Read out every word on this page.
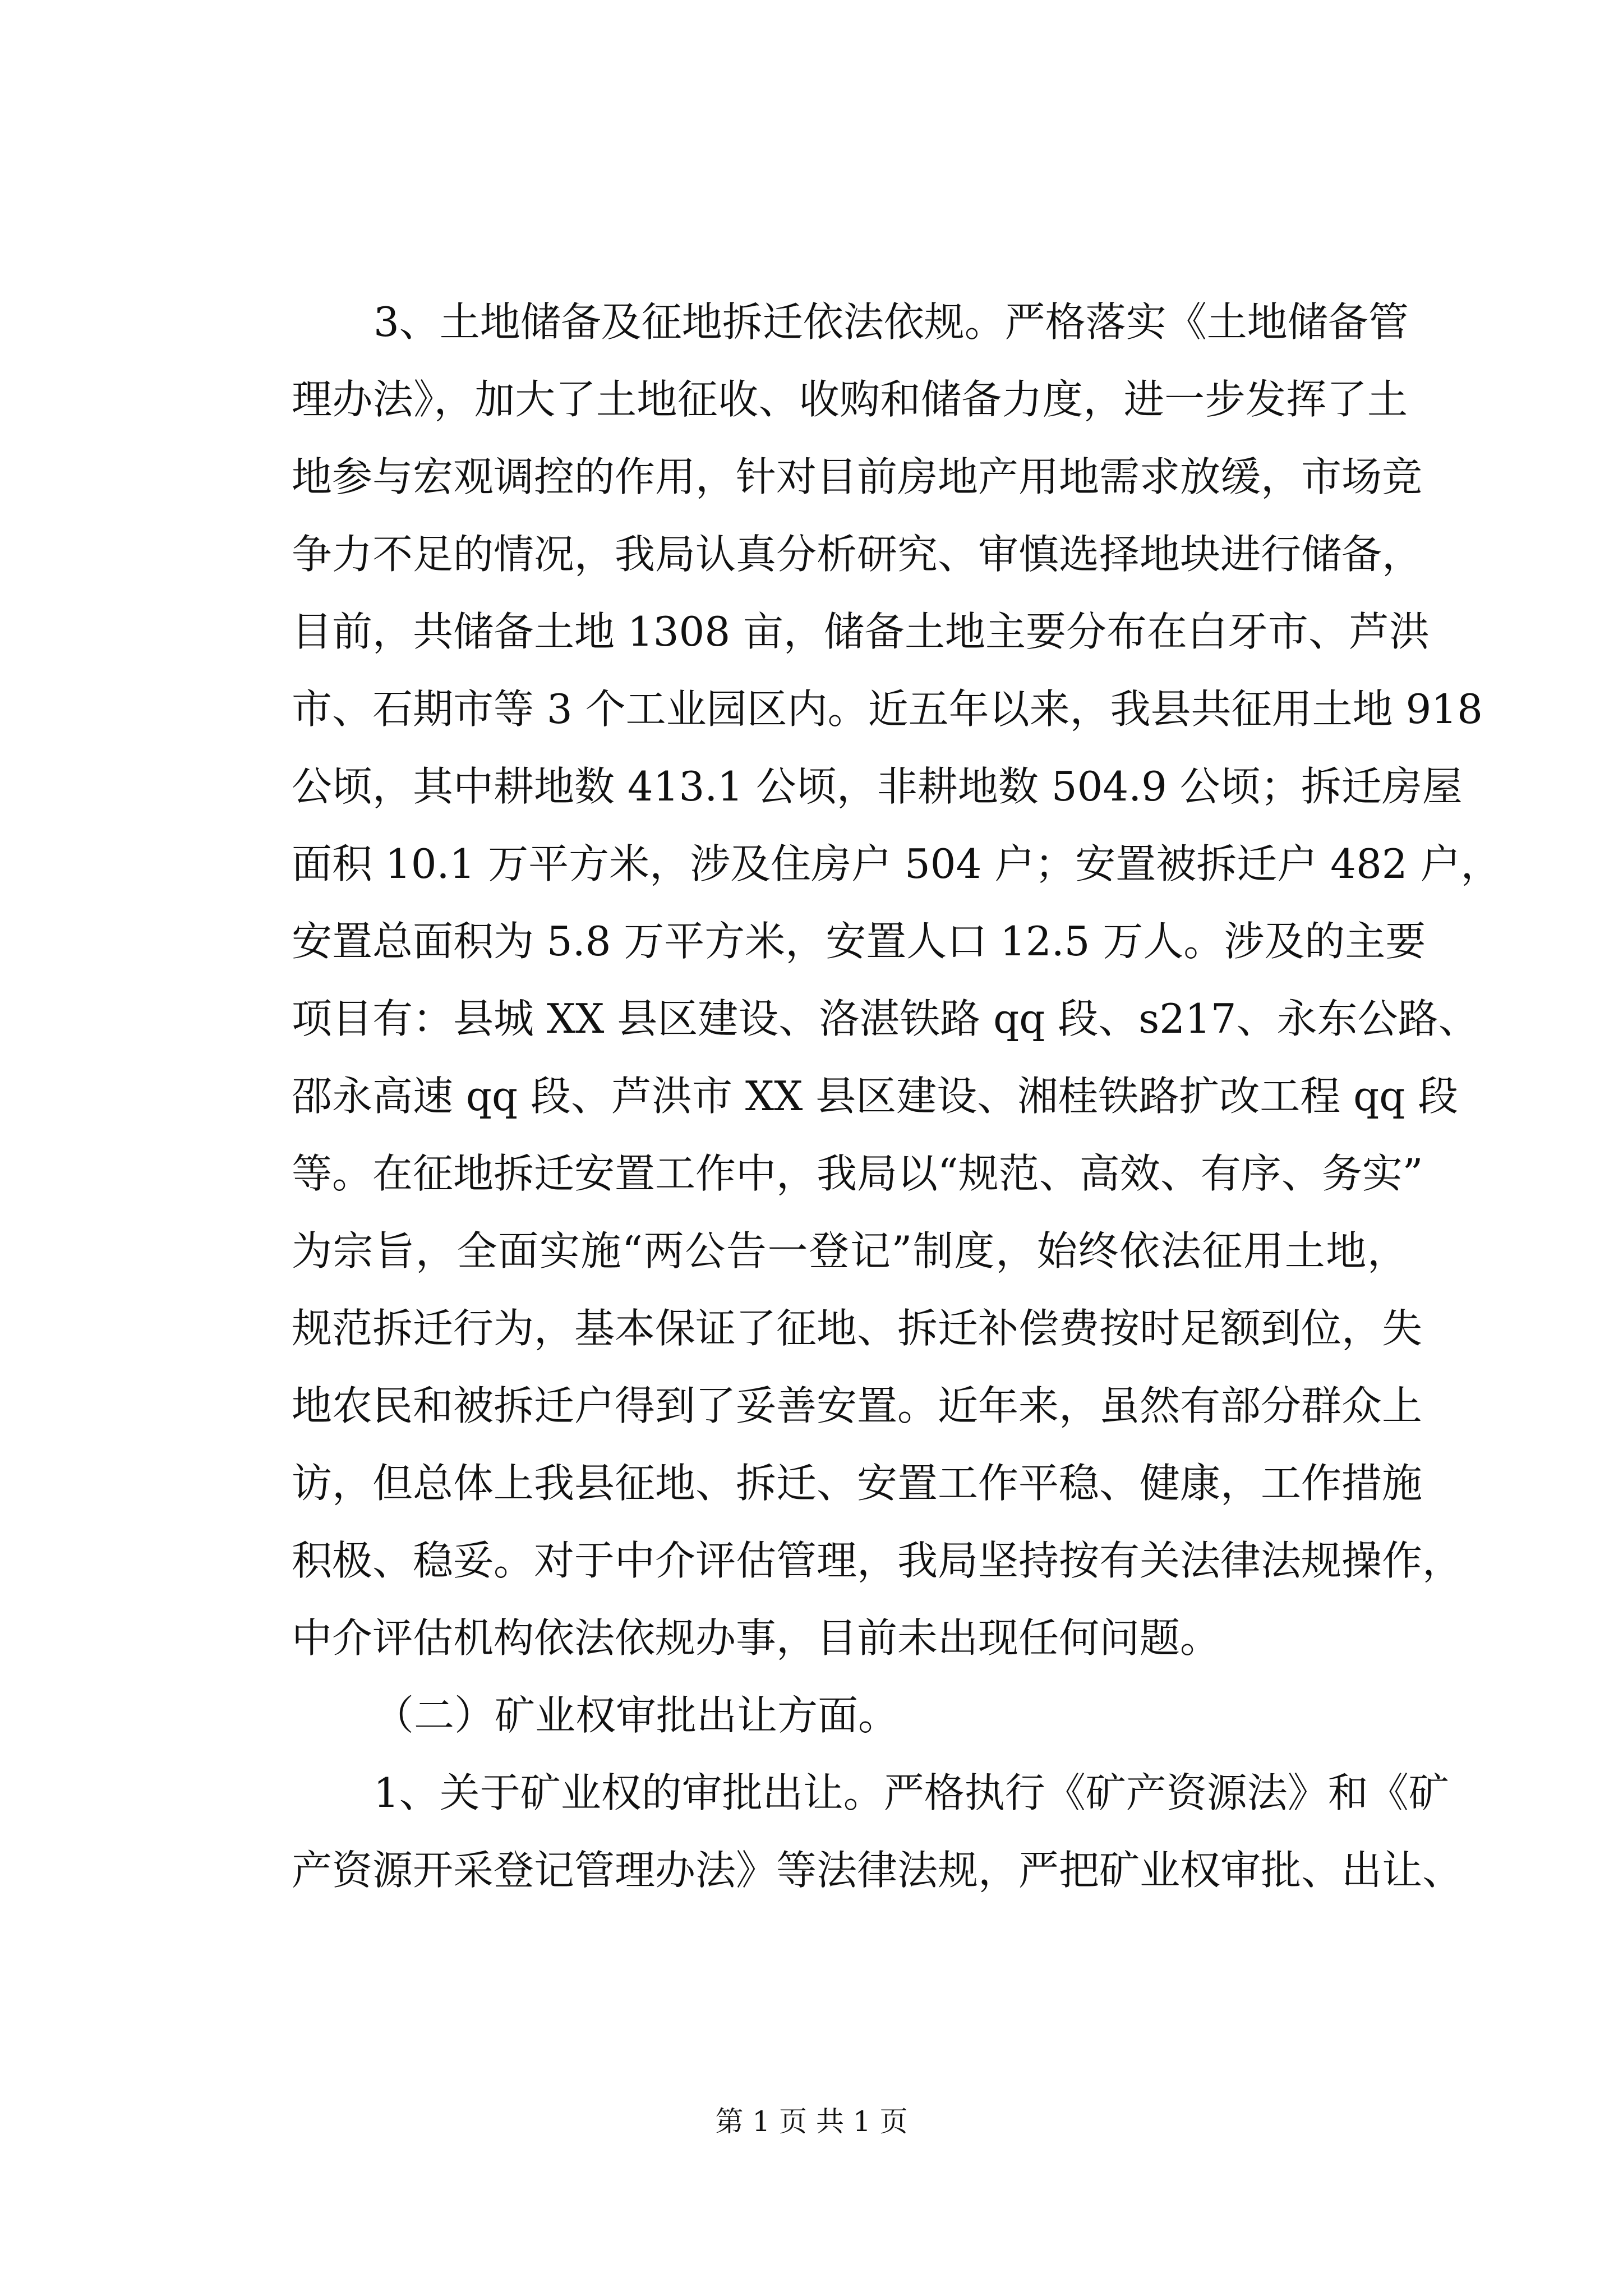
3、土地储备及征地拆迁依法依规。严格落实《土地储备管
理办法》，加大了土地征收、收购和储备力度，进一步发挥了土
地参与宏观调控的作用，针对目前房地产用地需求放缓，市场竞
争力不足的情况，我局认真分析研究、审慎选择地块进行储备，
目前，共储备土地 1308 亩，储备土地主要分布在白牙市、芦洪
市、石期市等 3 个工业园区内。近五年以来，我县共征用土地 918
公顷，其中耕地数 413.1 公顷，非耕地数 504.9 公顷；拆迁房屋
面积 10.1 万平方米，涉及住房户 504 户；安置被拆迁户 482 户，
安置总面积为 5.8 万平方米，安置人口 12.5 万人。涉及的主要
项目有：县城 XX 县区建设、洛湛铁路 qq 段、s217、永东公路、
邵永高速 qq 段、芦洪市 XX 县区建设、湘桂铁路扩改工程 qq 段
等。在征地拆迁安置工作中，我局以“规范、高效、有序、务实”
为宗旨，全面实施“两公告一登记”制度，始终依法征用土地，
规范拆迁行为，基本保证了征地、拆迁补偿费按时足额到位，失
地农民和被拆迁户得到了妥善安置。近年来，虽然有部分群众上
访，但总体上我县征地、拆迁、安置工作平稳、健康，工作措施
积极、稳妥。对于中介评估管理，我局坚持按有关法律法规操作，
中介评估机构依法依规办事，目前未出现任何问题。
（二）矿业权审批出让方面。
1、关于矿业权的审批出让。严格执行《矿产资源法》和《矿
产资源开采登记管理办法》等法律法规，严把矿业权审批、出让、
第 1 页 共 1 页
